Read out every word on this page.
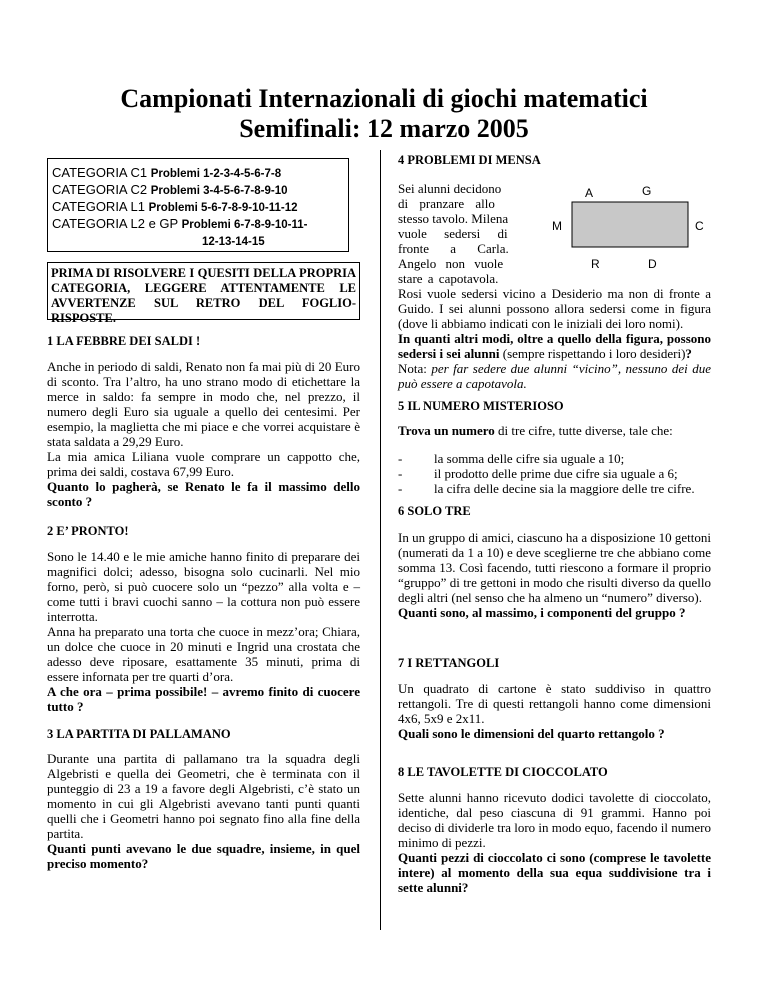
Campionati Internazionali di giochi matematici
Semifinali: 12 marzo 2005
CATEGORIA C1 Problemi 1-2-3-4-5-6-7-8
CATEGORIA C2 Problemi 3-4-5-6-7-8-9-10
CATEGORIA L1 Problemi 5-6-7-8-9-10-11-12
CATEGORIA L2 e GP Problemi 6-7-8-9-10-11-
12-13-14-15
PRIMA DI RISOLVERE I QUESITI DELLA PROPRIA CATEGORIA, LEGGERE ATTENTAMENTE LE AVVERTENZE SUL RETRO DEL FOGLIO-RISPOSTE.
1 LA FEBBRE DEI SALDI !
Anche in periodo di saldi, Renato non fa mai più di 20 Euro di sconto. Tra l’altro, ha uno strano modo di etichettare la merce in saldo: fa sempre in modo che, nel prezzo, il numero degli Euro sia uguale a quello dei centesimi. Per esempio, la maglietta che mi piace e che vorrei acquistare è stata saldata a 29,29 Euro.
La mia amica Liliana vuole comprare un cappotto che, prima dei saldi, costava 67,99 Euro.
Quanto lo pagherà, se Renato le fa il massimo dello sconto ?
2 E’ PRONTO!
Sono le 14.40 e le mie amiche hanno finito di preparare dei magnifici dolci; adesso, bisogna solo cucinarli. Nel mio forno, però, si può cuocere solo un “pezzo” alla volta e – come tutti i bravi cuochi sanno – la cottura non può essere interrotta.
Anna ha preparato una torta che cuoce in mezz’ora; Chiara, un dolce che cuoce in 20 minuti e Ingrid una crostata che adesso deve riposare, esattamente 35 minuti, prima di essere infornata per tre quarti d’ora.
A che ora – prima possibile! – avremo finito di cuocere tutto ?
3 LA PARTITA DI PALLAMANO
Durante una partita di pallamano tra la squadra degli Algebristi e quella dei Geometri, che è terminata con il punteggio di 23 a 19 a favore degli Algebristi, c’è stato un momento in cui gli Algebristi avevano tanti punti quanti quelli che i Geometri hanno poi segnato fino alla fine della partita.
Quanti punti avevano le due squadre, insieme, in quel preciso momento?
4 PROBLEMI DI MENSA
Sei alunni decidono
di pranzare allo
stesso tavolo. Milena
vuole sedersi di
fronte a Carla.
Angelo non vuole
stare a capotavola.
A	G
M	C
R	D
Rosi vuole sedersi vicino a Desiderio ma non di fronte a Guido. I sei alunni possono allora sedersi come in figura (dove li abbiamo indicati con le iniziali dei loro nomi).
In quanti altri modi, oltre a quello della figura, possono sedersi i sei alunni (sempre rispettando i loro desideri)?
Nota: per far sedere due alunni “vicino”, nessuno dei due può essere a capotavola.
5 IL NUMERO MISTERIOSO
Trova un numero di tre cifre, tutte diverse, tale che:
- la somma delle cifre sia uguale a 10;
- il prodotto delle prime due cifre sia uguale a 6;
- la cifra delle decine sia la maggiore delle tre cifre.
6 SOLO TRE
In un gruppo di amici, ciascuno ha a disposizione 10 gettoni (numerati da 1 a 10) e deve sceglierne tre che abbiano come somma 13. Così facendo, tutti riescono a formare il proprio “gruppo” di tre gettoni in modo che risulti diverso da quello degli altri (nel senso che ha almeno un “numero” diverso).
Quanti sono, al massimo, i componenti del gruppo ?
7 I RETTANGOLI
Un quadrato di cartone è stato suddiviso in quattro rettangoli. Tre di questi rettangoli hanno come dimensioni 4x6, 5x9 e 2x11.
Quali sono le dimensioni del quarto rettangolo ?
8 LE TAVOLETTE DI CIOCCOLATO
Sette alunni hanno ricevuto dodici tavolette di cioccolato, identiche, dal peso ciascuna di 91 grammi. Hanno poi deciso di dividerle tra loro in modo equo, facendo il numero minimo di pezzi.
Quanti pezzi di cioccolato ci sono (comprese le tavolette intere) al momento della sua equa suddivisione tra i sette alunni?
